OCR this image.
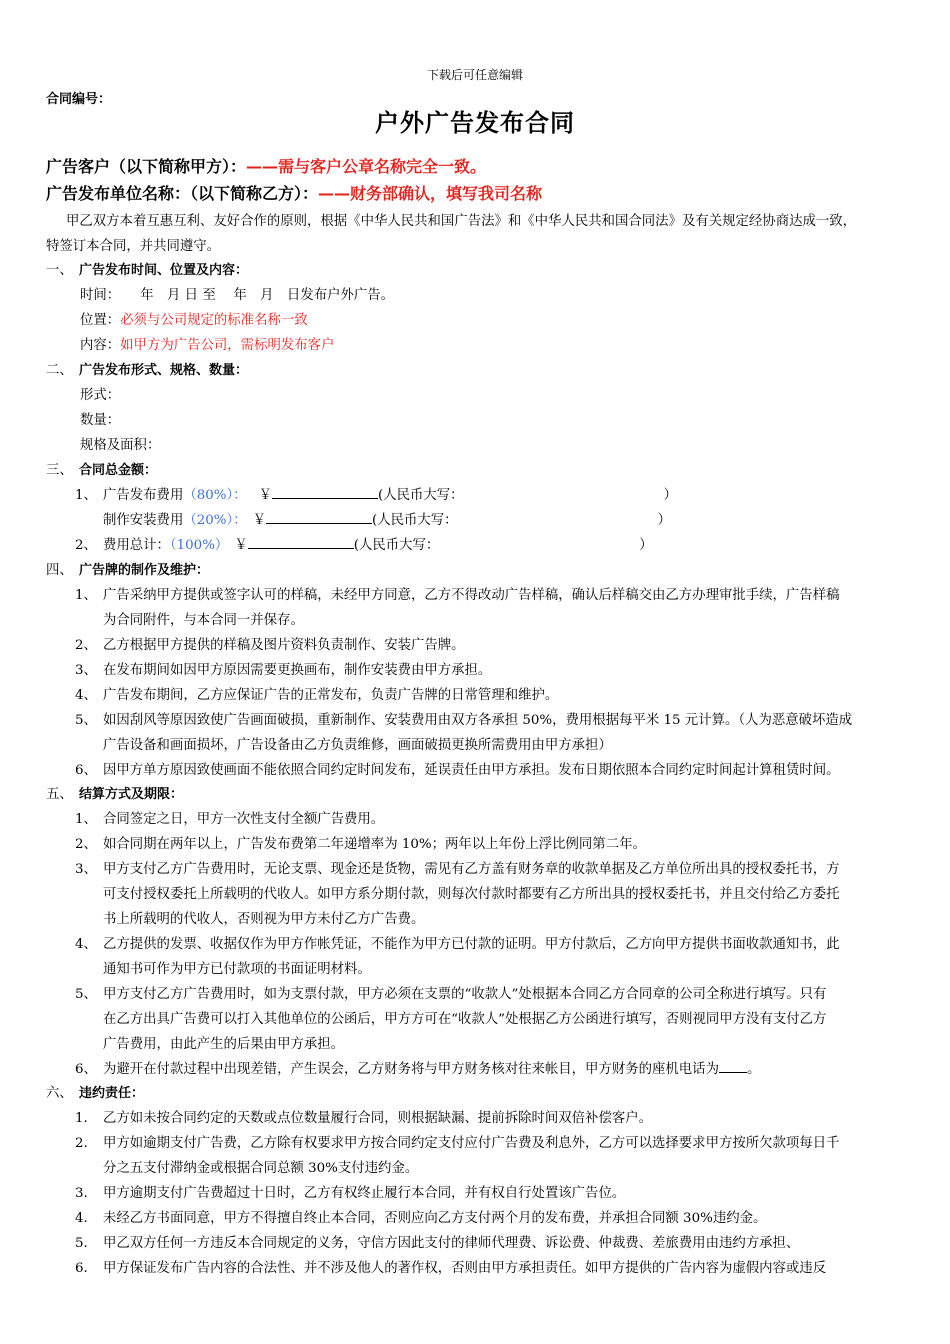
下载后可任意编辑
合同编号：
户外广告发布合同
广告客户（以下简称甲方）：——需与客户公章名称完全一致。
广告发布单位名称：（以下简称乙方）：——财务部确认，填写我司名称
甲乙双方本着互惠互利、友好合作的原则，根据《中华人民共和国广告法》和《中华人民共和国合同法》及有关规定经协商达成一致，
特签订本合同，并共同遵守。
一、 广告发布时间、位置及内容：
时间：　　年　月 日 至　 年　月　日发布户外广告。
位置：必须与公司规定的标准名称一致
内容：如甲方为广告公司，需标明发布客户
二、 广告发布形式、规格、数量：
形式：
数量：
规格及面积：
三、 合同总金额：
1、 广告发布费用（80%）： ￥	(人民币大写：	）
制作安装费用（20%）： ￥	(人民币大写：	）
2、 费用总计：（100%） ￥	(人民币大写：	）
四、 广告牌的制作及维护：
1、 广告采纳甲方提供或签字认可的样稿，未经甲方同意，乙方不得改动广告样稿，确认后样稿交由乙方办理审批手续，广告样稿
为合同附件，与本合同一并保存。
2、 乙方根据甲方提供的样稿及图片资料负责制作、安装广告牌。
3、 在发布期间如因甲方原因需要更换画布，制作安装费由甲方承担。
4、 广告发布期间，乙方应保证广告的正常发布，负责广告牌的日常管理和维护。
5、 如因刮风等原因致使广告画面破损，重新制作、安装费用由双方各承担 50%，费用根据每平米 15 元计算。（人为恶意破坏造成
广告设备和画面损坏，广告设备由乙方负责维修，画面破损更换所需费用由甲方承担）
6、 因甲方单方原因致使画面不能依照合同约定时间发布，延误责任由甲方承担。发布日期依照本合同约定时间起计算租赁时间。
五、 结算方式及期限：
1、 合同签定之日，甲方一次性支付全额广告费用。
2、 如合同期在两年以上，广告发布费第二年递增率为 10%；两年以上年份上浮比例同第二年。
3、 甲方支付乙方广告费用时，无论支票、现金还是货物，需见有乙方盖有财务章的收款单据及乙方单位所出具的授权委托书，方
可支付授权委托上所载明的代收人。如甲方系分期付款，则每次付款时都要有乙方所出具的授权委托书，并且交付给乙方委托
书上所载明的代收人，否则视为甲方未付乙方广告费。
4、 乙方提供的发票、收据仅作为甲方作帐凭证，不能作为甲方已付款的证明。甲方付款后，乙方向甲方提供书面收款通知书，此
通知书可作为甲方已付款项的书面证明材料。
5、 甲方支付乙方广告费用时，如为支票付款，甲方必须在支票的“收款人”处根据本合同乙方合同章的公司全称进行填写。只有
在乙方出具广告费可以打入其他单位的公函后，甲方方可在“收款人”处根据乙方公函进行填写，否则视同甲方没有支付乙方
广告费用，由此产生的后果由甲方承担。
6、 为避开在付款过程中出现差错，产生误会，乙方财务将与甲方财务核对往来帐目，甲方财务的座机电话为 。
六、 违约责任：
1. 乙方如未按合同约定的天数或点位数量履行合同，则根据缺漏、提前拆除时间双倍补偿客户。
2. 甲方如逾期支付广告费，乙方除有权要求甲方按合同约定支付应付广告费及利息外，乙方可以选择要求甲方按所欠款项每日千
分之五支付滞纳金或根据合同总额 30%支付违约金。
3. 甲方逾期支付广告费超过十日时，乙方有权终止履行本合同，并有权自行处置该广告位。
4. 未经乙方书面同意，甲方不得擅自终止本合同，否则应向乙方支付两个月的发布费，并承担合同额 30%违约金。
5. 甲乙双方任何一方违反本合同规定的义务，守信方因此支付的律师代理费、诉讼费、仲裁费、差旅费用由违约方承担、
6. 甲方保证发布广告内容的合法性、并不涉及他人的著作权，否则由甲方承担责任。如甲方提供的广告内容为虚假内容或违反
